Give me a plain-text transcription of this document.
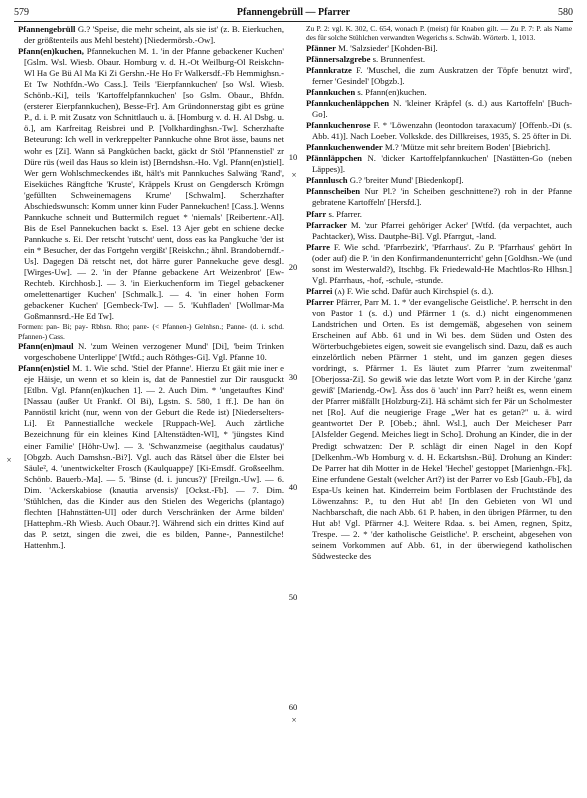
579	Pfannengebrüll — Pfarrer	580

Pfannengebrüll G.? 'Speise, die mehr scheint, als sie ist' (z. B. Eierkuchen, der größtenteils aus Mehl besteht) [Niedermörsb.-Ow].

Pfann(en)kuchen, Pfannekuchen M. 1. 'in der Pfanne gebackener Kuchen' [Gslm. Wsl. Wiesb. Obaur. Homburg v. d. H.-Ot Weilburg-Ol Reiskchn-Wl Ha Ge Bü Al Ma Ki Zi Gershn.-He Ho Fr Walkersdf.-Fb Hemmighsn.-Et Tw Nothfdn.-Wo Cass.]. Teils 'Eierpfannkuchen' [so Wsl. Wiesb. Schönb.-Ki], teils 'Kartoffelpfannkuchen' [so Gslm. Obaur., Bhfdn. (ersterer Eierpfannkuchen), Besse-Fr]. Am Gründonnerstag gibt es grüne P., d. i. P. mit Zusatz von Schnittlauch u. ä. [Homburg v. d. H. Al Dsbg. u. ö.], am Karfreitag Reisbrei und P. [Volkhardinghsn.-Tw]. Scherzhafte Beteurung: Ich well in verkreppelter Pannkuche ohne Brot ässe, bauns net wohr es [Zi]. Wann sä Pangküchen backt, gäckt dr Stöl 'Pfannenstiel' zr Düre rüs (weil das Haus so klein ist) [Berndshsn.-Ho. Vgl. Pfann(en)stiel]. Wer gern Wohlschmeckendes ißt, hält's mit Pannkuches Salwäng 'Rand', Eiseküches Rängftche 'Kruste', Kräppels Krust on Gengdersch Krömgn 'gefüllten Schweinemagens Krume' [Schwalm]. Scherzhafter Abschiedswunsch: Komm unner kinn Fuder Pannekuchen! [Cass.]. Wenns Pannkuche schneit und Buttermilch reguet * 'niemals' [Reibertenr.-Al]. Bis de Esel Pannekuchen backt s. Esel. 13 Ajer gebt en schiene decke Pannkuche s. Ei. Der retscht 'rutscht' uent, doss eas ka Pangkuche 'der ist ein * Besucher, der das Fortgehn vergißt' [Reiskchn.; ähnl. Brandoberndf.-Us]. Dagegen Dä retscht net, dot härre gurer Pannekuche geve desgl. [Wirges-Uw]. — 2. 'in der Pfanne gebackene Art Weizenbrot' [Ew-Rechteb. Kirchhosb.]. — 3. 'in Eierkuchenform im Tiegel gebackener omelettenartiger Kuchen' [Schmalk.]. — 4. 'in einer hohen Form gebackener Kuchen' [Gembeck-Tw]. — 5. 'Kuhfladen' [Wollmar-Ma Goßmannsrd.-He Ed Tw].

Formen: pan- Bi; pay- Rbhsn. Rho; panɐ- (< Pfannen-) Gelnhsn.; Panne- (d. i. schd. Pfannen-) Cass.

Pfann(en)maul N. 'zum Weinen verzogener Mund' [Di], 'beim Trinken vorgeschobene Unterlippe' [Wtfd.; auch Röthges-Gi]. Vgl. Pfanne 10.

Pfann(en)stiel M. 1. Wie schd. 'Stiel der Pfanne'. Hierzu Et gäit mie iner e eje Häisje, un wenn et so klein is, dat de Pannestiel zur Dir rausguckt [Etlbn. Vgl. Pfann(en)kuchen 1]. — 2. Auch Dim. * 'ungetauftes Kind' [Nassau (außer Ut Frankf. Ol Bi), Lgstn. S. 580, 1 ff.]. De han ön Pannöstil kricht (nur, wenn von der Geburt die Rede ist) [Niederselters-Li]. Et Pannestiallche weckele [Ruppach-We]. Auch zärtliche Bezeichnung für ein kleines Kind [Altenstädten-Wl], * 'jüngstes Kind einer Familie' [Höhr-Uw]. — 3. 'Schwanzmeise (aegithalus caudatus)' [Obgzb. Auch Damshsn.-Bi?]. Vgl. auch das Rätsel über die Elster bei Säule², 4. 'unentwickelter Frosch (Kaulquappe)' [Ki-Emsdf. Großseelhm. Schönb. Bauerb.-Ma]. — 5. 'Binse (d. i. juncus?)' [Freilgn.-Uw]. — 6. Dim. 'Ackerskabiose (knautia arvensis)' [Ockst.-Fb]. — 7. Dim. 'Stühlchen, das die Kinder aus den Stielen des Wegerichs (plantago) flechten [Hahnstätten-Ul] oder durch Verschränken der Arme bilden' [Hattephm.-Rh Wiesb. Auch Obaur.?]. Während sich ein drittes Kind auf das P. setzt, singen die zwei, die es bilden, Panne-, Pannestilche! Hattenhm.].

10
20
30
40
50
60
×
×
×

Zu P. 2: vgl. K. 302, C. 654, wonach P. (meist) für Knaben gilt. — Zu P. 7: P. als Name des für solche Stühlchen verwandten Wegerichs s. Schwäb. Wörterb. 1, 1013.

Pfänner M. 'Salzsieder' [Kohden-Bi].

Pfännersalzgrebe s. Brunnenfest.

Pfannkratze F. 'Muschel, die zum Auskratzen der Töpfe benutzt wird', ferner 'Gesindel' [Obgzb.].

Pfannkuchen s. Pfann(en)kuchen.

Pfannkuchenläppchen N. 'kleiner Kräpfel (s. d.) aus Kartoffeln' [Buch-Go].

Pfannkuchenrose F. * 'Löwenzahn (leontodon taraxacum)' [Offenb.-Di (s. Abb. 41)]. Nach Loeber. Volkskde. des Dillkreises, 1935, S. 25 öfter in Di.

Pfannkuchenwender M.? 'Mütze mit sehr breitem Boden' [Biebrich].

Pfännläppchen N. 'dicker Kartoffelpfannkuchen' [Nastätten-Go (neben Läppes)].

Pfannlusch G.? 'breiter Mund' [Biedenkopf].

Pfannscheiben Nur Pl.? 'in Scheiben geschnittene?) roh in der Pfanne gebratene Kartoffeln' [Hersfd.].

Pfarr s. Pfarrer.

Pfarracker M. 'zur Pfarrei gehöriger Acker' [Wtfd. (da verpachtet, auch Pachtacker), Wiss. Dautphe-Bi]. Vgl. Pfarrgut, -land.

Pfarre F. Wie schd. 'Pfarrbezirk', 'Pfarrhaus'. Zu P. 'Pfarrhaus' gehört In (oder auf) die P. 'in den Konfirmandenunterricht' gehn [Goldhsn.-We (und sonst im Westerwald?), Itschbg. Fk Friedewald-He Machtlos-Ro Hlhsn.] Vgl. Pfarrhaus, -hof, -schule, -stunde.

Pfarrei (ʌ) F. Wie schd. Dafür auch Kirchspiel (s. d.).

Pfarrer Pfärrer, Parr M. 1. * 'der evangelische Geistliche'. P. herrscht in den von Pastor 1 (s. d.) und Pfärrner 1 (s. d.) nicht eingenommenen Landstrichen und Orten. Es ist demgemäß, abgesehen von seinem Erscheinen auf Abb. 61 und in Wi bes. dem Süden und Osten des Wörterbuchgebietes eigen, soweit sie evangelisch sind. Dazu, daß es auch einzelörtlich neben Pfärrner 1 steht, und im ganzen gegen dieses vordringt, s. Pfärrner 1. Es läutet zum Pfarrer 'zum zweitenmal' [Oberjossa-Zi]. So gewiß wie das letzte Wort vom P. in der Kirche 'ganz gewiß' [Mariendg.-Ow]. Äss dos ö 'auch' inn Parr? heißt es, wenn einem der Pfarrer mißfällt [Holzburg-Zi]. Hä schämt sich fer Pär un Scholmester net [Ro]. Auf die neugierige Frage „Wer hat es getan?" u. ä. wird geantwortet Der P. [Obeb.; ähnl. Wsl.], auch Der Meicheser Parr [Alsfelder Gegend. Meiches liegt in Scho]. Drohung an Kinder, die in der Predigt schwatzen: Der P. schlägt dir einen Nagel in den Kopf [Delkenhm.-Wb Homburg v. d. H. Eckartshsn.-Bü]. Drohung an Kinder: De Parrer hat dih Motter in de Hekel 'Hechel' gestoppet [Marienhgn.-Fk]. Eine erfundene Gestalt (welcher Art?) ist der Parrer vo Esb [Gaub.-Fb], da Espa-Us keinen hat. Kinderreim beim Fortblasen der Fruchtstände des Löwenzahns: P., tu den Hut ab! [In den Gebieten von Wl und Nachbarschaft, die nach Abb. 61 P. haben, in den übrigen Pfärrner, tu den Hut ab! Vgl. Pfärrner 4.]. Weitere Rdaa. s. bei Amen, regnen, Spitz, Trespe. — 2. * 'der katholische Geistliche'. P. erscheint, abgesehen von seinem Vorkommen auf Abb. 61, in der überwiegend katholischen Südwestecke des
